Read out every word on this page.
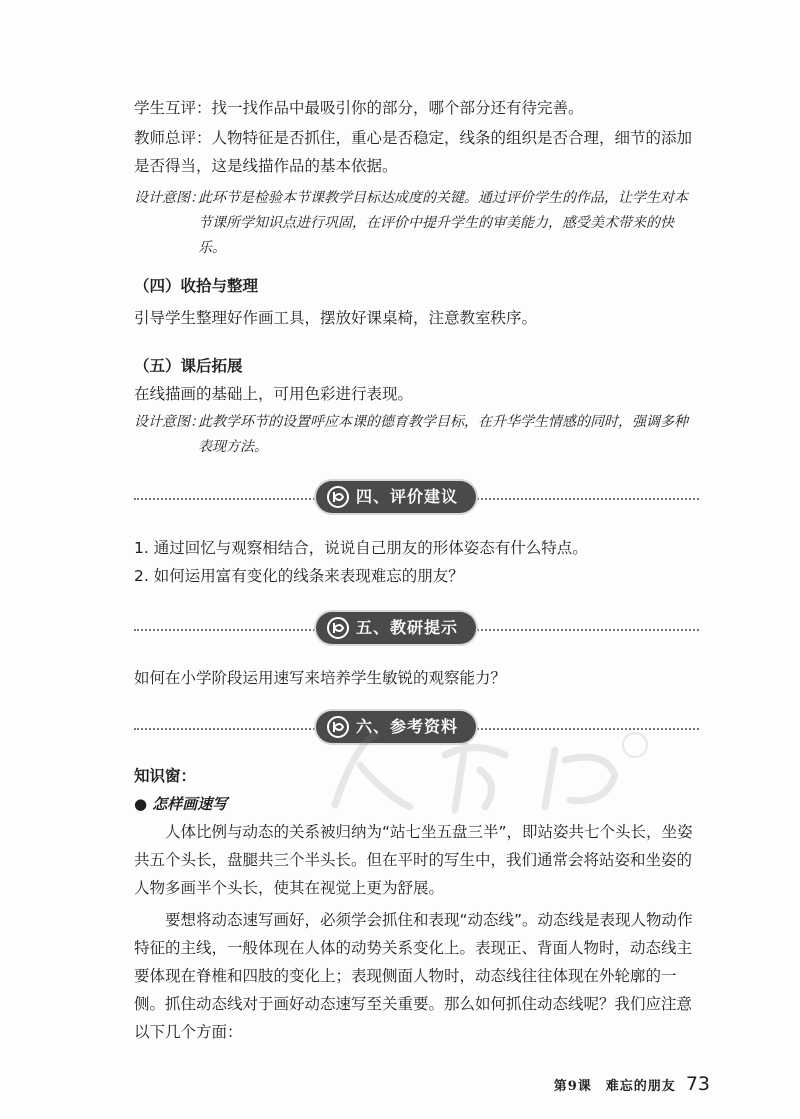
学生互评：找一找作品中最吸引你的部分，哪个部分还有待完善。

教师总评：人物特征是否抓住，重心是否稳定，线条的组织是否合理，细节的添加是否得当，这是线描作品的基本依据。

设计意图：

此环节是检验本节课教学目标达成度的关键。通过评价学生的作品，让学生对本节课所学知识点进行巩固，在评价中提升学生的审美能力，感受美术带来的快乐。

（四）收拾与整理

引导学生整理好作画工具，摆放好课桌椅，注意教室秩序。

（五）课后拓展

在线描画的基础上，可用色彩进行表现。

设计意图：

此教学环节的设置呼应本课的德育教学目标，在升华学生情感的同时，强调多种表现方法。

四、评价建议

1. 通过回忆与观察相结合，说说自己朋友的形体姿态有什么特点。

2. 如何运用富有变化的线条来表现难忘的朋友？

五、教研提示

如何在小学阶段运用速写来培养学生敏锐的观察能力？

六、参考资料

知识窗：

● 怎样画速写

人体比例与动态的关系被归纳为“站七坐五盘三半”，即站姿共七个头长，坐姿共五个头长，盘腿共三个半头长。但在平时的写生中，我们通常会将站姿和坐姿的人物多画半个头长，使其在视觉上更为舒展。

要想将动态速写画好，必须学会抓住和表现“动态线”。动态线是表现人物动作特征的主线，一般体现在人体的动势关系变化上。表现正、背面人物时，动态线主要体现在脊椎和四肢的变化上；表现侧面人物时，动态线往往体现在外轮廓的一侧。抓住动态线对于画好动态速写至关重要。那么如何抓住动态线呢？我们应注意以下几个方面：

第9课　难忘的朋友 73
